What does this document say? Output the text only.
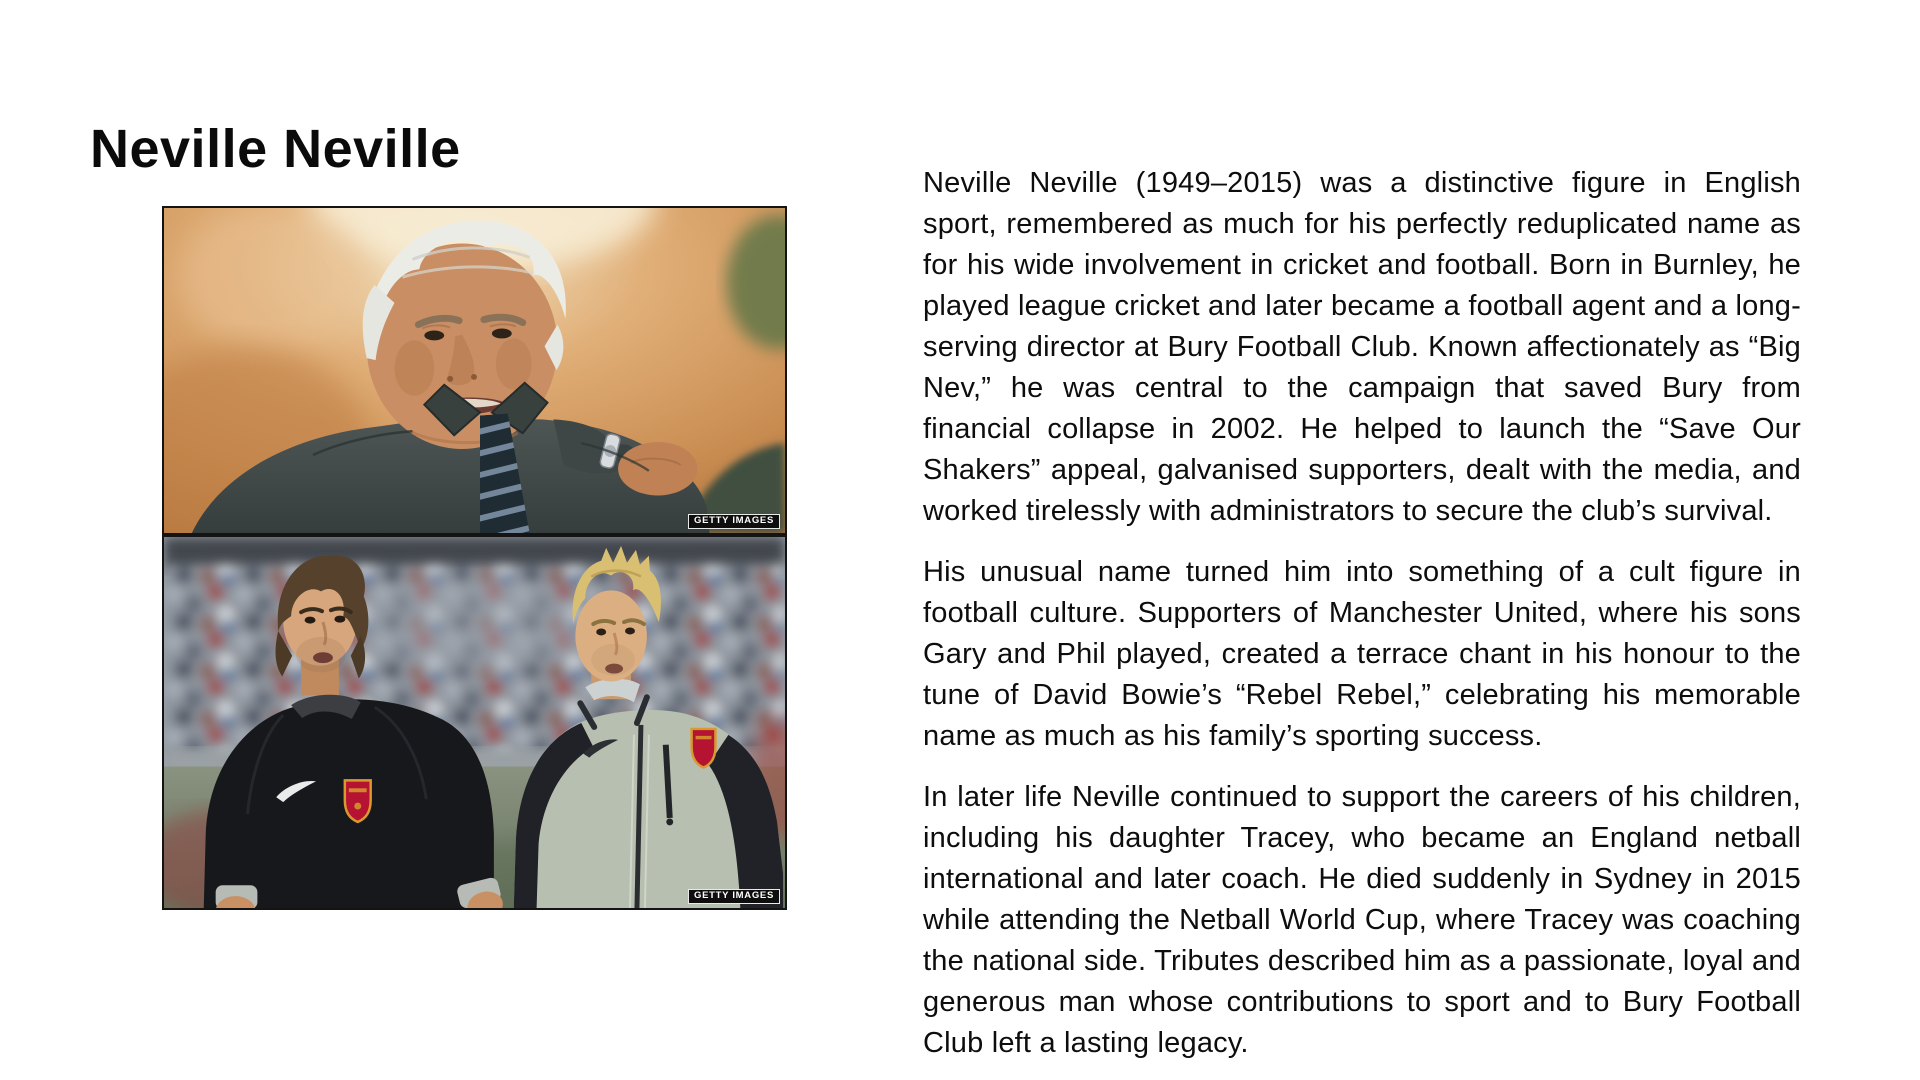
Neville Neville
GETTY IMAGES
GETTY IMAGES

Neville Neville (1949–2015) was a distinctive figure in English sport, remembered as much for his perfectly reduplicated name as for his wide involvement in cricket and football. Born in Burnley, he played league cricket and later became a football agent and a long-serving director at Bury Football Club. Known affectionately as “Big Nev,” he was central to the campaign that saved Bury from financial collapse in 2002. He helped to launch the “Save Our Shakers” appeal, galvanised supporters, dealt with the media, and worked tirelessly with administrators to secure the club’s survival.

His unusual name turned him into something of a cult figure in football culture. Supporters of Manchester United, where his sons Gary and Phil played, created a terrace chant in his honour to the tune of David Bowie’s “Rebel Rebel,” celebrating his memorable name as much as his family’s sporting success.

In later life Neville continued to support the careers of his children, including his daughter Tracey, who became an England netball international and later coach. He died suddenly in Sydney in 2015 while attending the Netball World Cup, where Tracey was coaching the national side. Tributes described him as a passionate, loyal and generous man whose contributions to sport and to Bury Football Club left a lasting legacy.
